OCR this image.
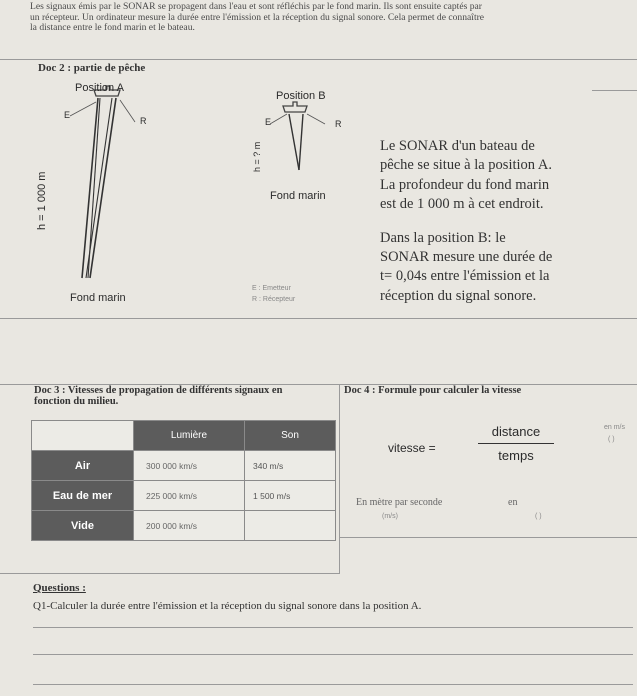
Les signaux émis par le SONAR se propagent dans l'eau et sont réfléchis par le fond marin. Ils sont ensuite captés par
un récepteur. Un ordinateur mesure la durée entre l'émission et la réception du signal sonore. Cela permet de connaître
la distance entre le fond marin et le bateau.
Doc 2 : partie de pêche
Position A
E
R
h = 1 000 m
Fond marin
Position B
E	R
h = ? m
Fond marin
E : Emetteur
R : Récepteur
Le SONAR d'un bateau de
pêche se situe à la position A.
La profondeur du fond marin
est de 1 000 m à cet endroit.
Dans la position B: le
SONAR mesure une durée de
t= 0,04s entre l'émission et la
réception du signal sonore.
Doc 3 : Vitesses de propagation de différents signaux en
fonction du milieu.
	Lumière	Son
Air	300 000 km/s	340 m/s
Eau de mer	225 000 km/s	1 500 m/s
Vide	200 000 km/s	
Doc 4 : Formule pour calculer la vitesse
vitesse =
distance
temps
en m/s
( )
En mètre par seconde	en
(m/s)	( )
Questions :
Q1-Calculer la durée entre l'émission et la réception du signal sonore dans la position A.
